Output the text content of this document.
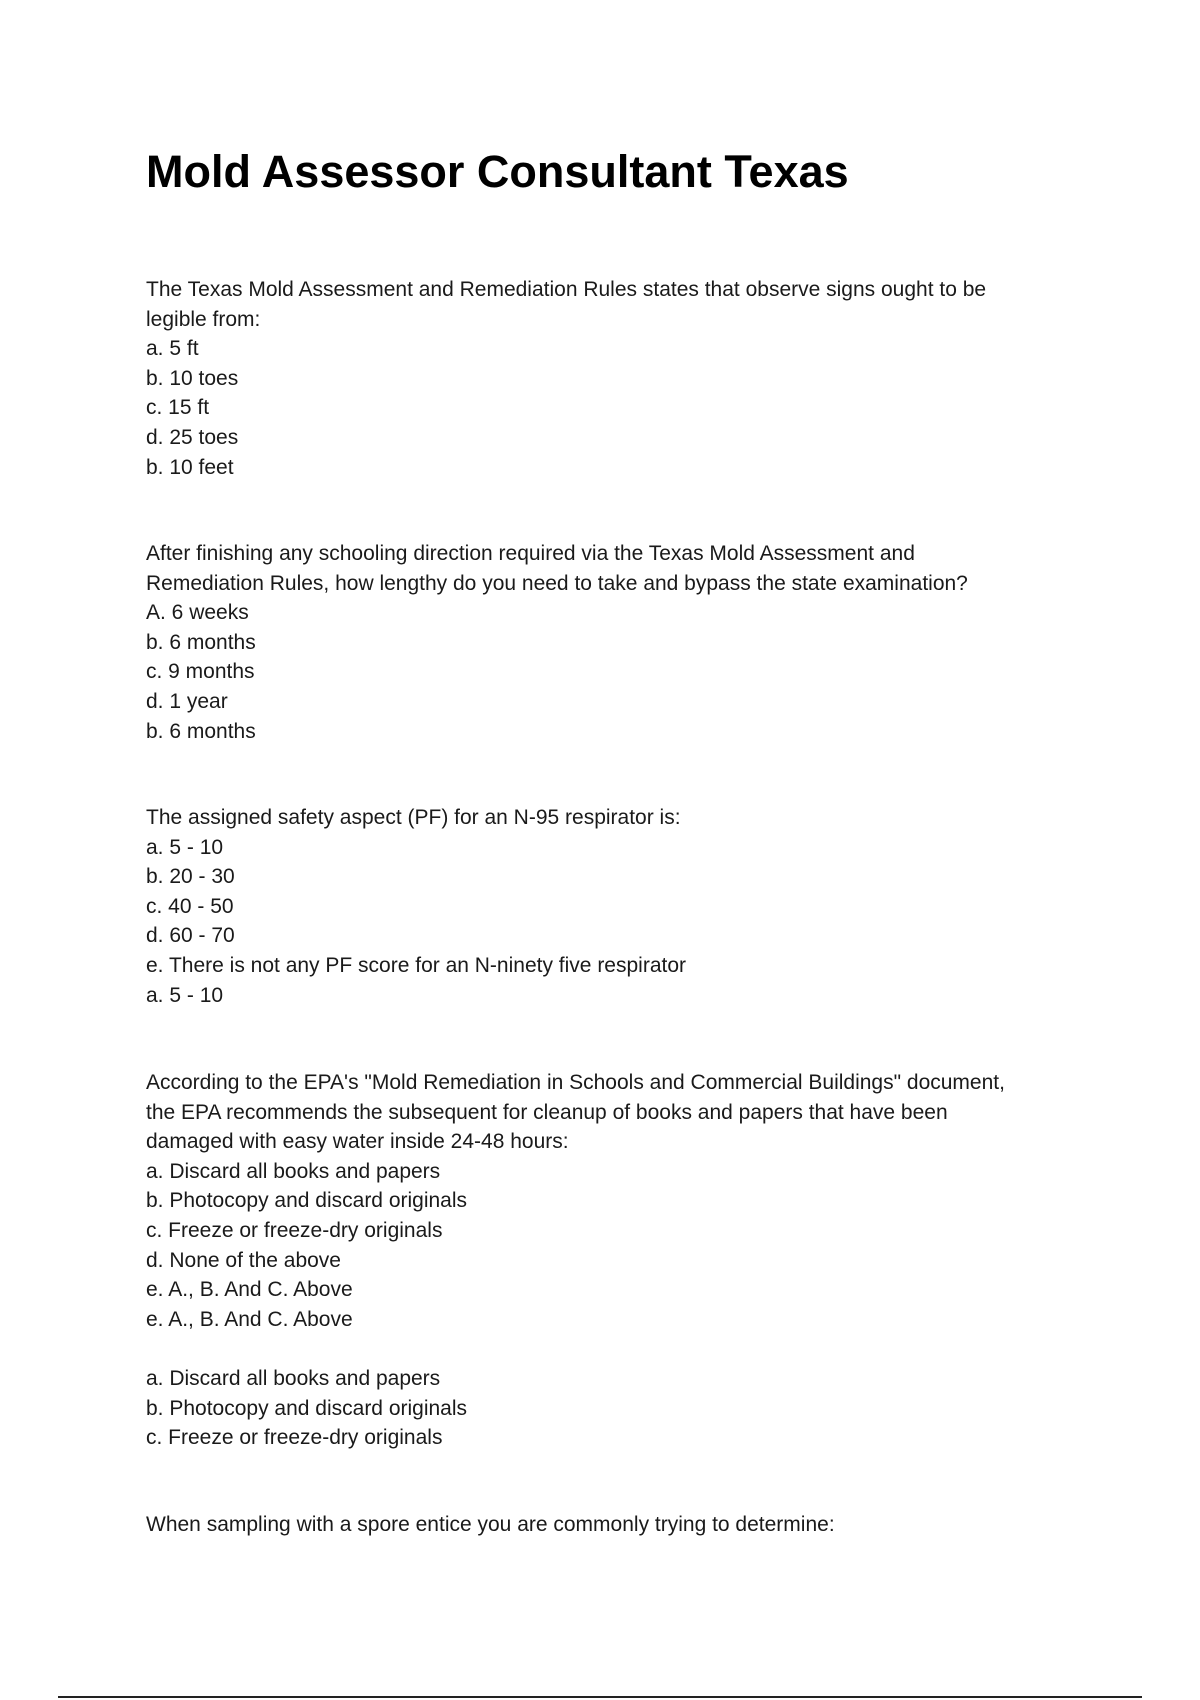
Mold Assessor Consultant Texas
The Texas Mold Assessment and Remediation Rules states that observe signs ought to be
legible from:
a. 5 ft
b. 10 toes
c. 15 ft
d. 25 toes
b. 10 feet
After finishing any schooling direction required via the Texas Mold Assessment and
Remediation Rules, how lengthy do you need to take and bypass the state examination?
A. 6 weeks
b. 6 months
c. 9 months
d. 1 year
b. 6 months
The assigned safety aspect (PF) for an N-95 respirator is:
a. 5 - 10
b. 20 - 30
c. 40 - 50
d. 60 - 70
e. There is not any PF score for an N-ninety five respirator
a. 5 - 10
According to the EPA's "Mold Remediation in Schools and Commercial Buildings" document,
the EPA recommends the subsequent for cleanup of books and papers that have been
damaged with easy water inside 24-48 hours:
a. Discard all books and papers
b. Photocopy and discard originals
c. Freeze or freeze-dry originals
d. None of the above
e. A., B. And C. Above
e. A., B. And C. Above
a. Discard all books and papers
b. Photocopy and discard originals
c. Freeze or freeze-dry originals
When sampling with a spore entice you are commonly trying to determine:
